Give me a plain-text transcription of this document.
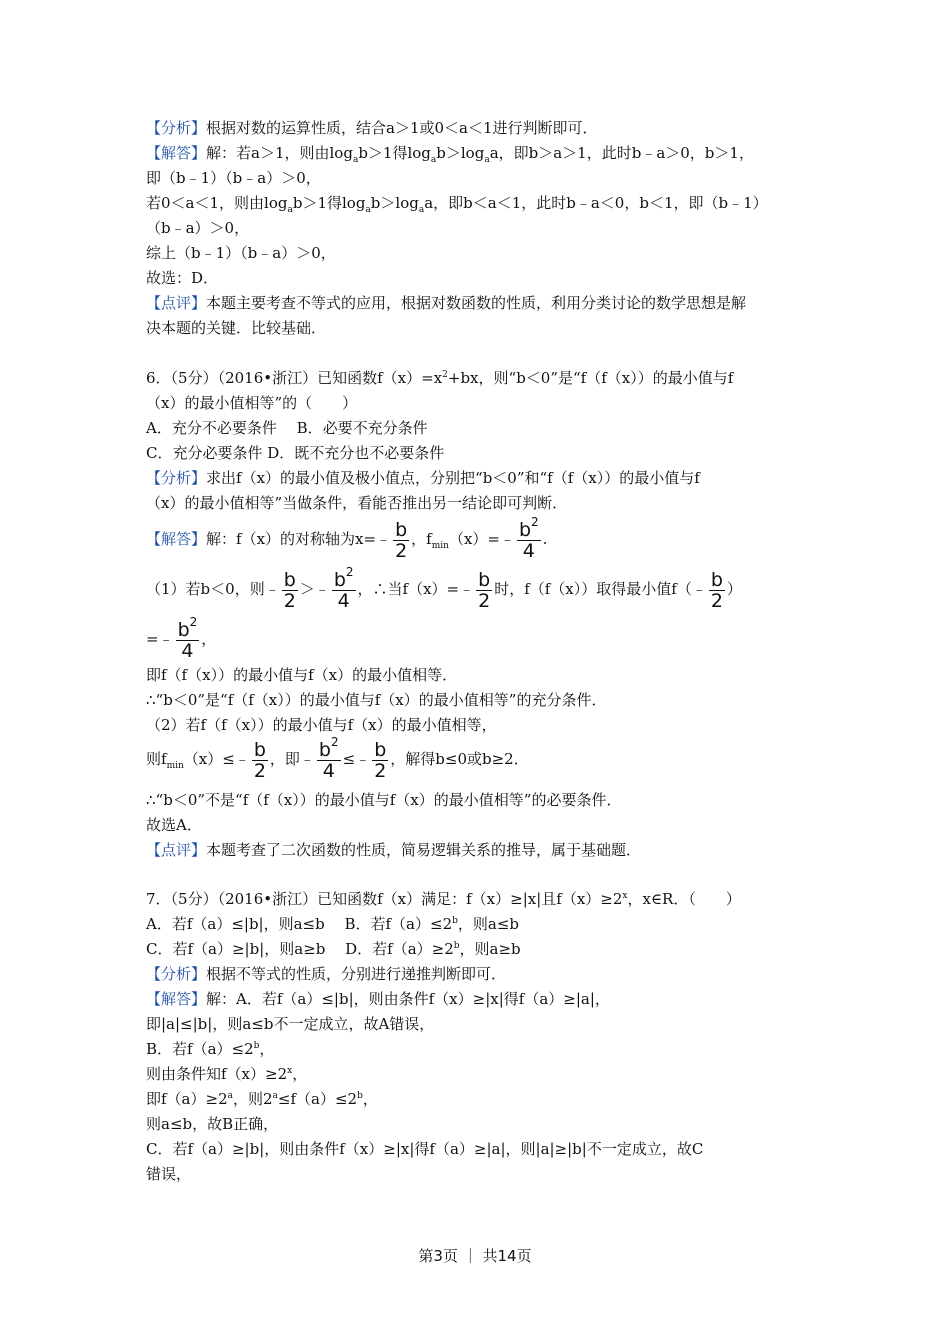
【分析】根据对数的运算性质，结合a＞1或0＜a＜1进行判断即可．
【解答】解：若a＞1，则由$\log_ab>1$得$\log_ab>\log_aa$，即b＞a＞1，此时b﹣a＞0，b＞1，
即（b﹣1）（b﹣a）＞0，
若0＜a＜1，则由$\log_ab>1$得$\log_ab>\log_aa$，即b＜a＜1，此时b﹣a＜0，b＜1，即（b﹣1）
（b﹣a）＞0，
综上（b﹣1）（b﹣a）＞0，
故选：D．
【点评】本题主要考查不等式的应用，根据对数函数的性质，利用分类讨论的数学思想是解
决本题的关键．比较基础．
6．（5分）（2016•浙江）已知函数$f(x)=x^2+bx$，则“b＜0”是“f（f（x））的最小值与f
（x）的最小值相等”的（　　）
A．充分不必要条件　 B．必要不充分条件
C．充分必要条件 D．既不充分也不必要条件
【分析】求出f（x）的最小值及极小值点，分别把“b＜0”和“f（f（x））的最小值与f
（x）的最小值相等”当做条件，看能否推出另一结论即可判断．
【解答】解：f（x）的对称轴为x=﹣ $\frac{b}{2}$ ，$f_{min}(x)=﹣ \frac{b^2}{4}$ .
（1）若b＜0，则﹣ $\frac{b}{2}$ ＞﹣ $\frac{b^2}{4}$ ，∴当f（x）=﹣ $\frac{b}{2}$ 时，f（f（x））取得最小值f（﹣ $\frac{b}{2}$ ）
=﹣ $\frac{b^2}{4}$ ，
即f（f（x））的最小值与f（x）的最小值相等．
∴“b＜0”是“f（f（x））的最小值与f（x）的最小值相等”的充分条件．
（2）若f（f（x））的最小值与f（x）的最小值相等，
则$f_{min}(x)\le﹣ \frac{b}{2}$ ，即﹣ $\frac{b^2}{4}$ ≤﹣ $\frac{b}{2}$ ，解得b≤0或b≥2．
∴“b＜0”不是“f（f（x））的最小值与f（x）的最小值相等”的必要条件．
故选A．
【点评】本题考查了二次函数的性质，简易逻辑关系的推导，属于基础题．
7．（5分）（2016•浙江）已知函数f（x）满足：f（x）≥|x|且$f(x)\ge 2^x$，x∈R．（　　）
A．若f（a）≤|b|，则a≤b　 B．若$f(a)\le 2^b$，则a≤b
C．若f（a）≥|b|，则a≥b　 D．若$f(a)\ge 2^b$，则a≥b
【分析】根据不等式的性质，分别进行递推判断即可．
【解答】解：A．若f（a）≤|b|，则由条件f（x）≥|x|得f（a）≥|a|，
即|a|≤|b|，则a≤b不一定成立，故A错误，
B．若$f(a)\le 2^b$，
则由条件知$f(x)\ge 2^x$，
即$f(a)\ge 2^a$，则$2^a\le f(a)\le 2^b$，
则a≤b，故B正确，
C．若f（a）≥|b|，则由条件f（x）≥|x|得f（a）≥|a|，则|a|≥|b|不一定成立，故C
错误，
第3页 ｜ 共14页
